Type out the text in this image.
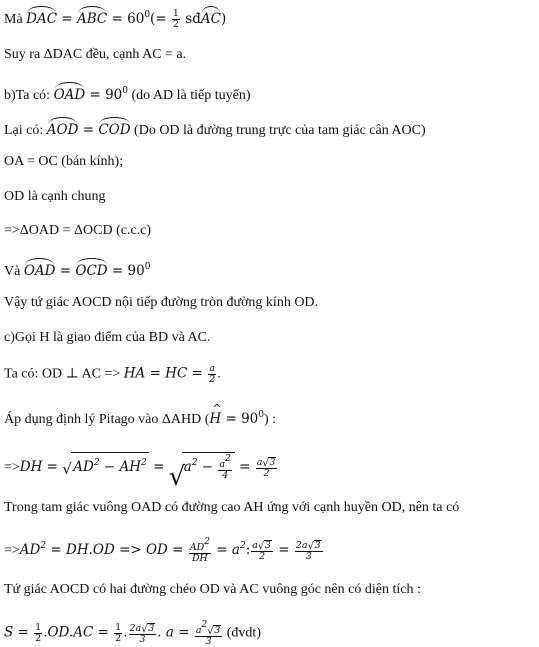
Mà DAC = ABC = $60^0(= \frac{1}{2}$ sđAC)
Suy ra ΔDAC đều, cạnh AC = a.
b)Ta có: OAD = $90^0$ (do AD là tiếp tuyến)
Lại có: AOD = COD (Do OD là đường trung trực của tam giác cân AOC)
OA = OC (bán kính);
OD là cạnh chung
=>ΔOAD = ΔOCD (c.c.c)
Và OAD = OCD = $90^0$
Vậy tứ giác AOCD nội tiếp đường tròn đường kính OD.
c)Gọi H là giao điểm của BD và AC.
Ta có: OD ⊥ AC => HA = HC = $\frac{a}{2}$ .
Áp dụng định lý Pitago vào ΔAHD (^ $H = 90^0$) :
=>DH = √ $AD^2 - AH^2$ = √
$a^2 - \frac{a2}{4} = \frac{a √ 3}{2}$
Trong tam giác vuông OAD có đường cao AH ứng với cạnh huyền OD, nên ta có
$=>AD^2 = DH.OD$ => OD = $\frac{AD2}{DH} = a^2$: $\frac{a √ 3}{2} = \frac{2a √ 3}{3}$
Tứ giác AOCD có hai đường chéo OD và AC vuông góc nên có diện tích :
$S = \frac{1}{2} .OD.AC = \frac{1}{2}$ . $\frac{2a √ 3}{3}$ . a = a2
√ 3
3 (đvdt)
